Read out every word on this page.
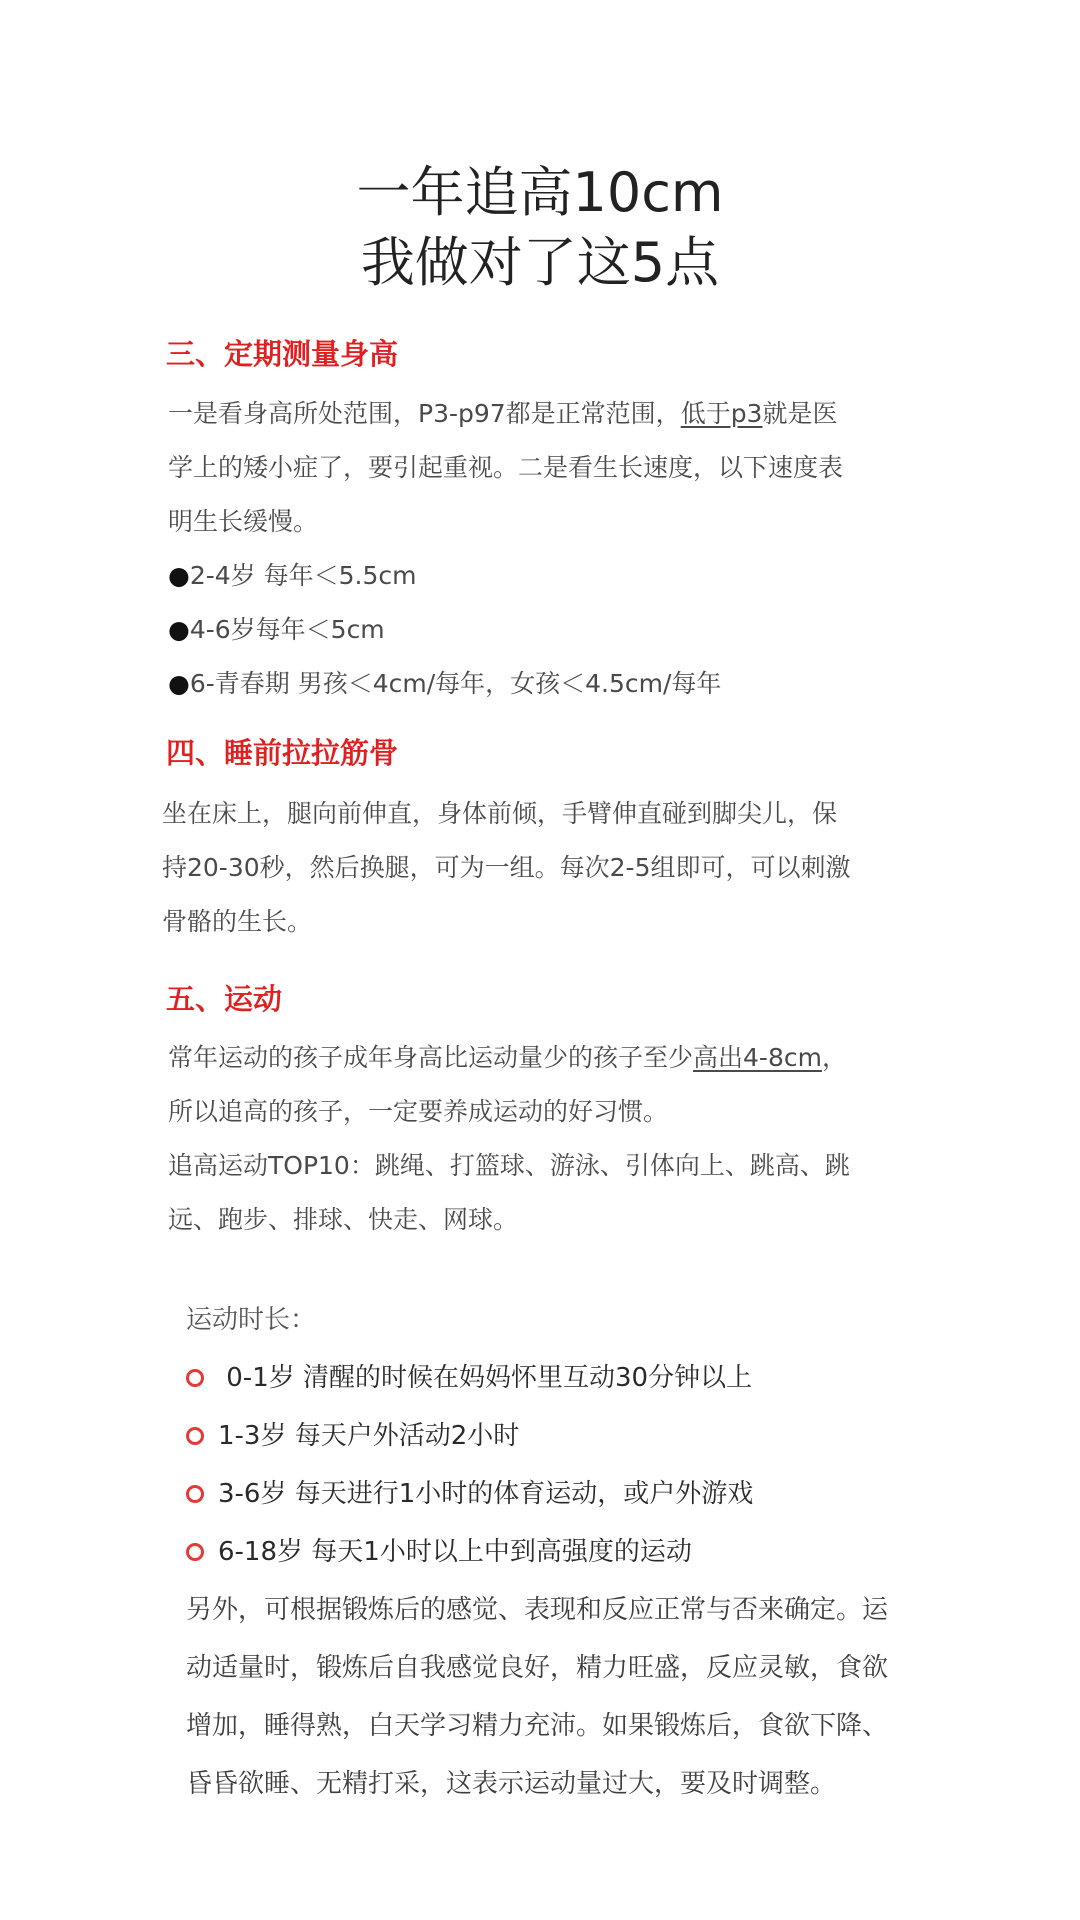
一年追高10cm
我做对了这5点
三、定期测量身高
一是看身高所处范围，P3-p97都是正常范围，低于p3就是医
学上的矮小症了，要引起重视。二是看生长速度，以下速度表
明生长缓慢。
●2-4岁 每年＜5.5cm
●4-6岁每年＜5cm
●6-青春期 男孩＜4cm/每年，女孩＜4.5cm/每年
四、睡前拉拉筋骨
坐在床上，腿向前伸直，身体前倾，手臂伸直碰到脚尖儿，保
持20-30秒，然后换腿，可为一组。每次2-5组即可，可以刺激
骨骼的生长。
五、运动
常年运动的孩子成年身高比运动量少的孩子至少高出4-8cm，
所以追高的孩子，一定要养成运动的好习惯。
追高运动TOP10：跳绳、打篮球、游泳、引体向上、跳高、跳
远、跑步、排球、快走、网球。
运动时长：
0-1岁 清醒的时候在妈妈怀里互动30分钟以上
1-3岁 每天户外活动2小时
3-6岁 每天进行1小时的体育运动，或户外游戏
6-18岁 每天1小时以上中到高强度的运动
另外，可根据锻炼后的感觉、表现和反应正常与否来确定。运
动适量时，锻炼后自我感觉良好，精力旺盛，反应灵敏，食欲
增加，睡得熟，白天学习精力充沛。如果锻炼后，食欲下降、
昏昏欲睡、无精打采，这表示运动量过大，要及时调整。
